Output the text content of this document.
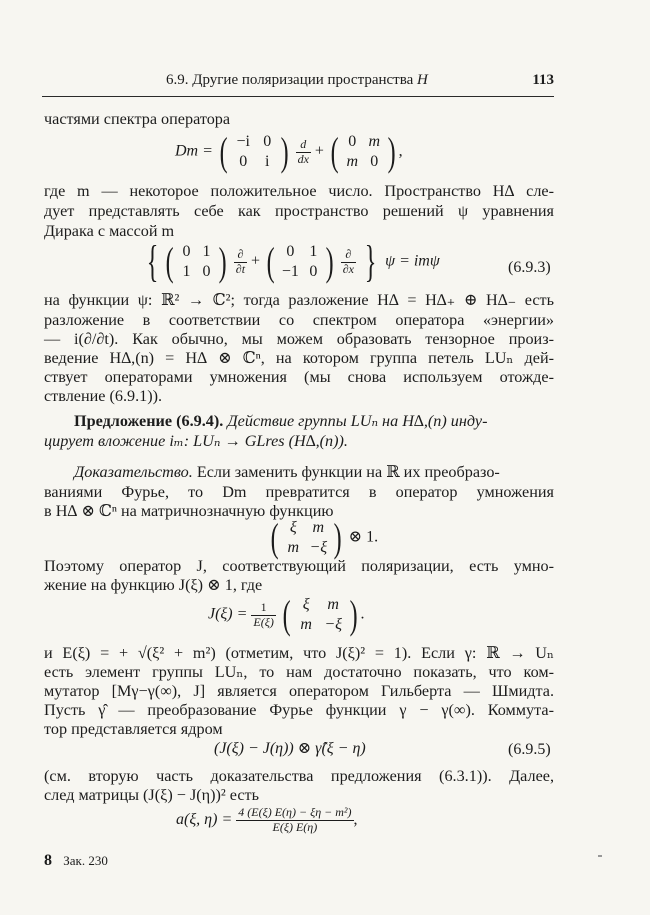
6.9. Другие поляризации пространства H	113
частями спектра оператора
Dm = ( −i 0
0	i ) $\frac{d}{dx}$ + ( 0 m
m 0 ) ,
где m — некоторое положительное число. Пространство H∆ сле-
дует представлять себе как пространство решений ψ уравнения
Дирака с массой m
{ ( 0 1
1 0 ) $\frac{\partial}{\partial t}$ + ( 0 1
−1 0 ) $\frac{\partial}{\partial x}$ } ψ = imψ	(6.9.3)
на функции ψ: ℝ² → ℂ²; тогда разложение H∆ = H∆₊ ⊕ H∆₋ есть
разложение в соответствии со спектром оператора «энергии»
— i(∂/∂t). Как обычно, мы можем образовать тензорное произ-
ведение H∆,(n) = H∆ ⊗ ℂⁿ, на котором группа петель LUₙ дей-
ствует операторами умножения (мы снова используем отожде-
ствление (6.9.1)).
Предложение (6.9.4). Действие группы LUₙ на H∆,(n) инду-
цирует вложение iₘ: LUₙ → GLres (H∆,(n)).
Доказательство. Если заменить функции на ℝ их преобразо-
ваниями Фурье, то Dm превратится в оператор умножения
в H∆ ⊗ ℂⁿ на матричнозначную функцию
( ξ m
m −ξ ) ⊗ 1.
Поэтому оператор J, соответствующий поляризации, есть умно-
жение на функцию J(ξ) ⊗ 1, где
$J(\xi) = \frac{1}{E(\xi)}$ ( ξ	m
m −ξ ) .
и E(ξ) = + √(ξ² + m²) (отметим, что J(ξ)² = 1). Если γ: ℝ → Uₙ
есть элемент группы LUₙ, то нам достаточно показать, что ком-
мутатор [Mγ−γ(∞), J] является оператором Гильберта — Шмидта.
Пусть γ̂ — преобразование Фурье функции γ − γ(∞). Коммута-
тор представляется ядром
(J(ξ) − J(η)) ⊗ γ̂(ξ − η)	(6.9.5)
(см. вторую часть доказательства предложения (6.3.1)). Далее,
след матрицы (J(ξ) − J(η))² есть
a(ξ, $\eta) = \frac{\text{4 (E(ξ) E(η) − ξη − m²)}}{E(\xi) E(\eta)}$ ,
8 Зак. 230
